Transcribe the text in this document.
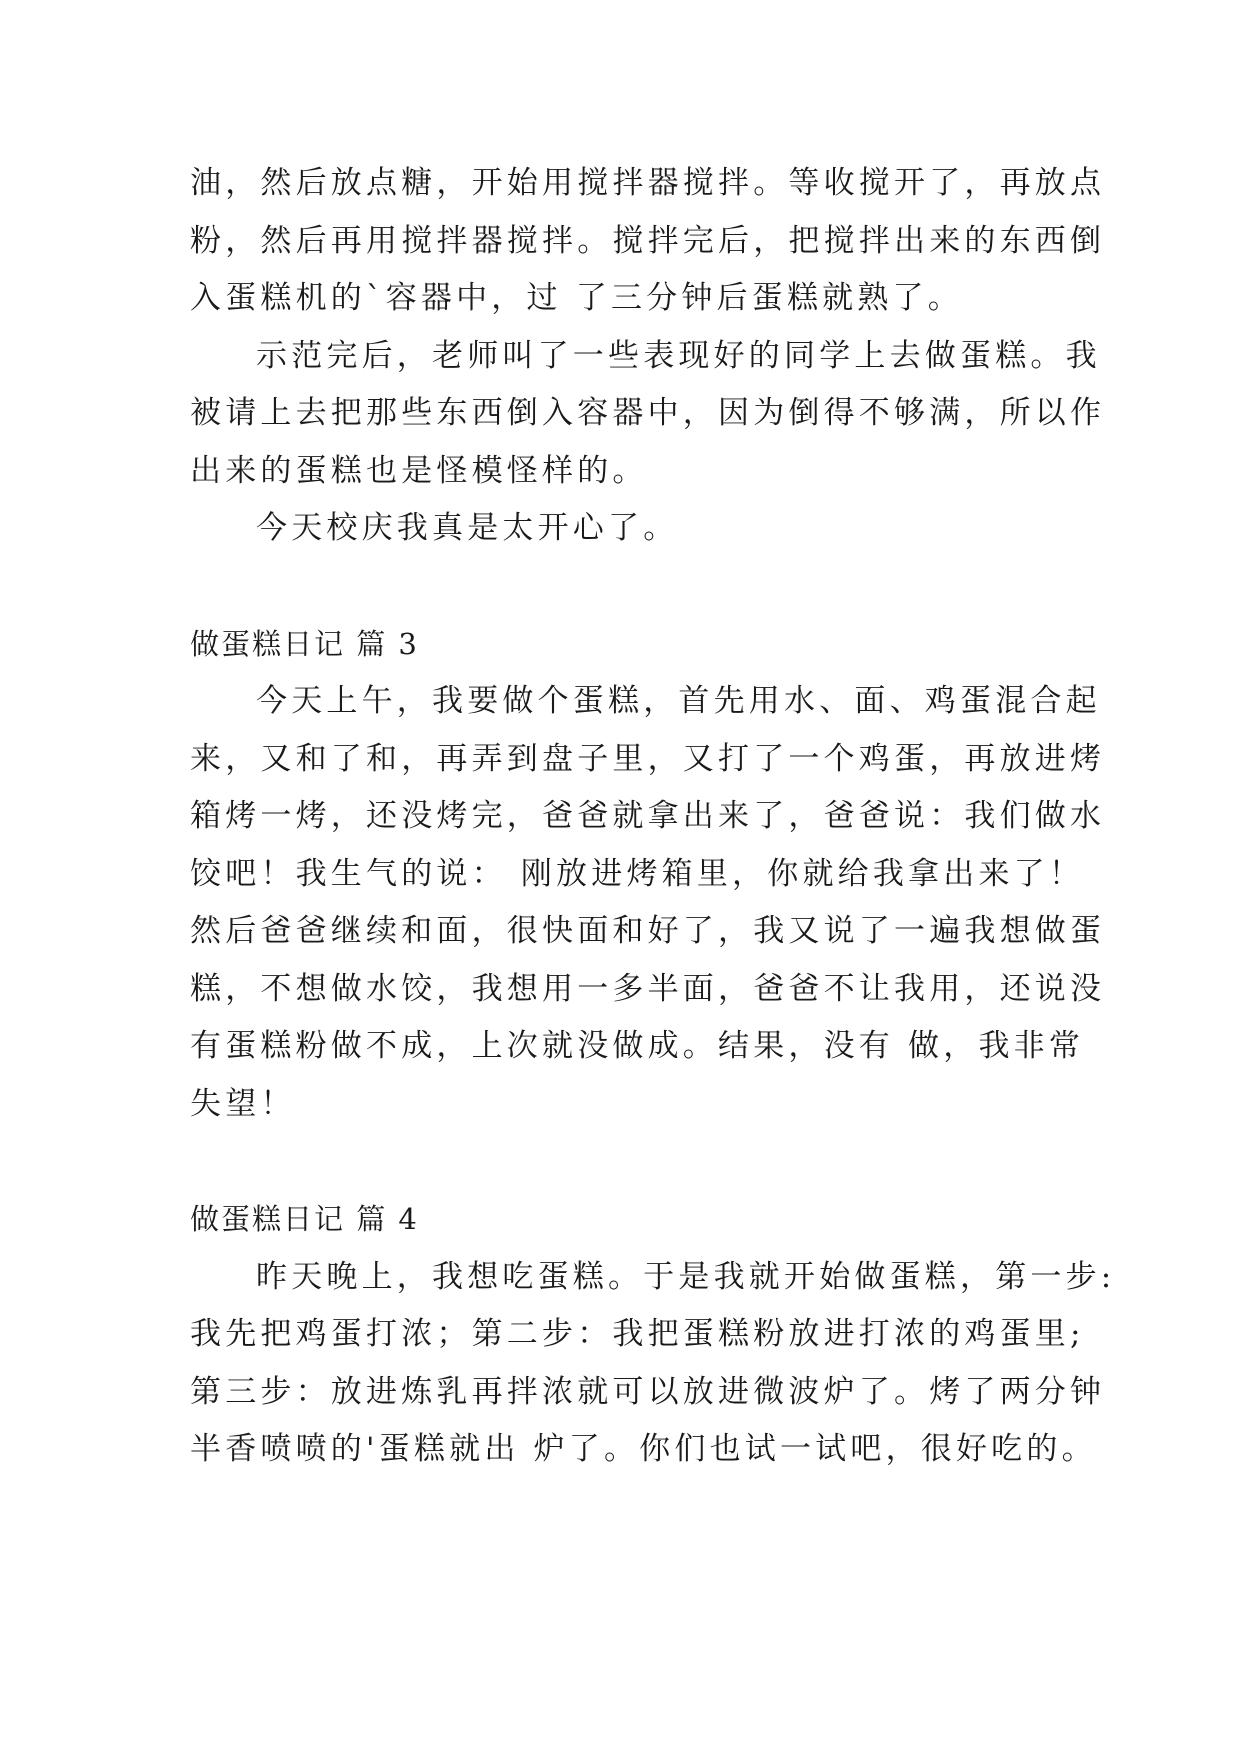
油，然后放点糖，开始用搅拌器搅拌。等收搅开了，再放点
粉，然后再用搅拌器搅拌。搅拌完后，把搅拌出来的东西倒
入蛋糕机的`容器中，过 了三分钟后蛋糕就熟了。
示范完后，老师叫了一些表现好的同学上去做蛋糕。我
被请上去把那些东西倒入容器中，因为倒得不够满，所以作
出来的蛋糕也是怪模怪样的。
今天校庆我真是太开心了。
做蛋糕日记 篇 3
今天上午，我要做个蛋糕，首先用水、面、鸡蛋混合起
来，又和了和，再弄到盘子里，又打了一个鸡蛋，再放进烤
箱烤一烤，还没烤完，爸爸就拿出来了，爸爸说：我们做水
饺吧！我生气的说： 刚放进烤箱里，你就给我拿出来了！
然后爸爸继续和面，很快面和好了，我又说了一遍我想做蛋
糕，不想做水饺，我想用一多半面，爸爸不让我用，还说没
有蛋糕粉做不成，上次就没做成。结果，没有 做，我非常
失望！
做蛋糕日记 篇 4
昨天晚上，我想吃蛋糕。于是我就开始做蛋糕，第一步:
我先把鸡蛋打浓；第二步：我把蛋糕粉放进打浓的鸡蛋里;
第三步：放进炼乳再拌浓就可以放进微波炉了。烤了两分钟
半香喷喷的'蛋糕就出 炉了。你们也试一试吧，很好吃的。
